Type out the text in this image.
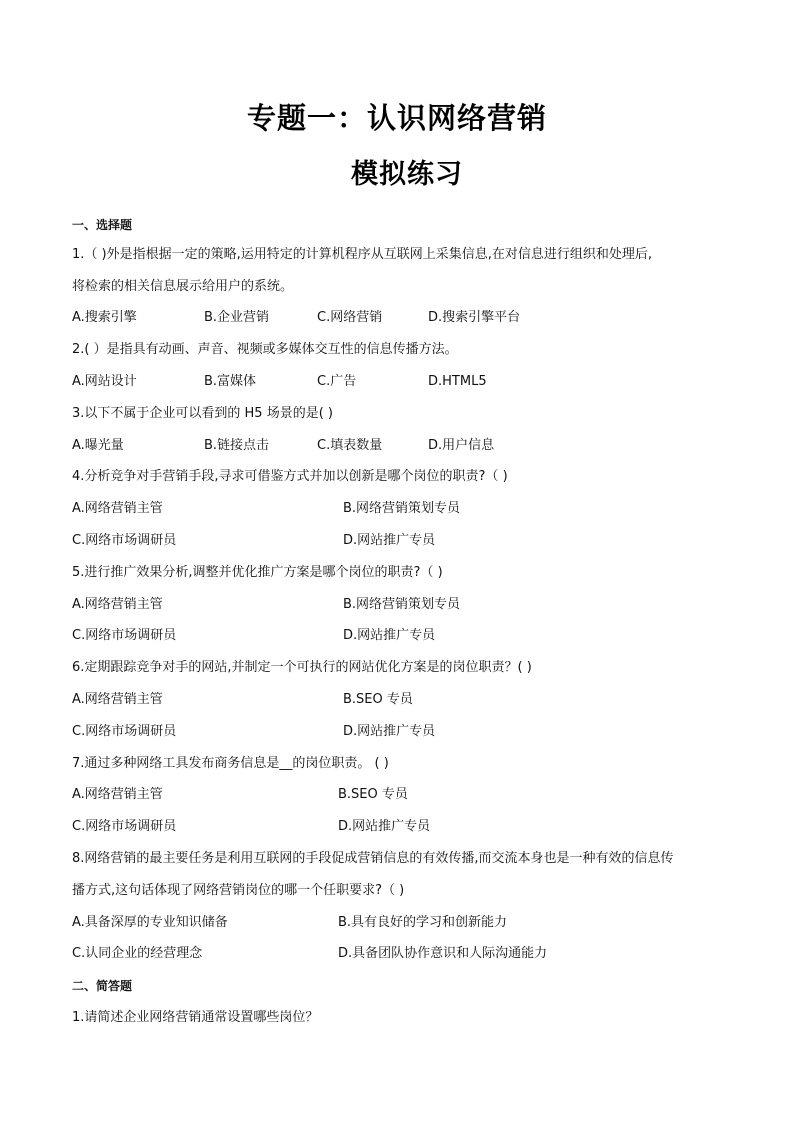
专题一：认识网络营销
模拟练习
一、选择题
1.（ )外是指根据一定的策略,运用特定的计算机程序从互联网上采集信息,在对信息进行组织和处理后,
将检索的相关信息展示给用户的系统。
A.搜索引擎	B.企业营销	C.网络营销	D.搜索引擎平台
2.( ）是指具有动画、声音、视频或多媒体交互性的信息传播方法。
A.网站设计	B.富媒体	C.广告	D.HTML5
3.以下不属于企业可以看到的 H5 场景的是( )
A.曝光量	B.链接点击	C.填表数量	D.用户信息
4.分析竞争对手营销手段,寻求可借鉴方式并加以创新是哪个岗位的职责?（ )
A.网络营销主管	B.网络营销策划专员
C.网络市场调研员	D.网站推广专员
5.进行推广效果分析,调整并优化推广方案是哪个岗位的职责?（ )
A.网络营销主管	B.网络营销策划专员
C.网络市场调研员	D.网站推广专员
6.定期跟踪竞争对手的网站,并制定一个可执行的网站优化方案是的岗位职责？( )
A.网络营销主管	B.SEO 专员
C.网络市场调研员	D.网站推广专员
7.通过多种网络工具发布商务信息是__的岗位职责。 ( )
A.网络营销主管	B.SEO 专员
C.网络市场调研员	D.网站推广专员
8.网络营销的最主要任务是利用互联网的手段促成营销信息的有效传播,而交流本身也是一种有效的信息传
播方式,这句话体现了网络营销岗位的哪一个任职要求?（ )
A.具备深厚的专业知识储备	B.具有良好的学习和创新能力
C.认同企业的经营理念	D.具备团队协作意识和人际沟通能力
二、简答题
1.请简述企业网络营销通常设置哪些岗位？
